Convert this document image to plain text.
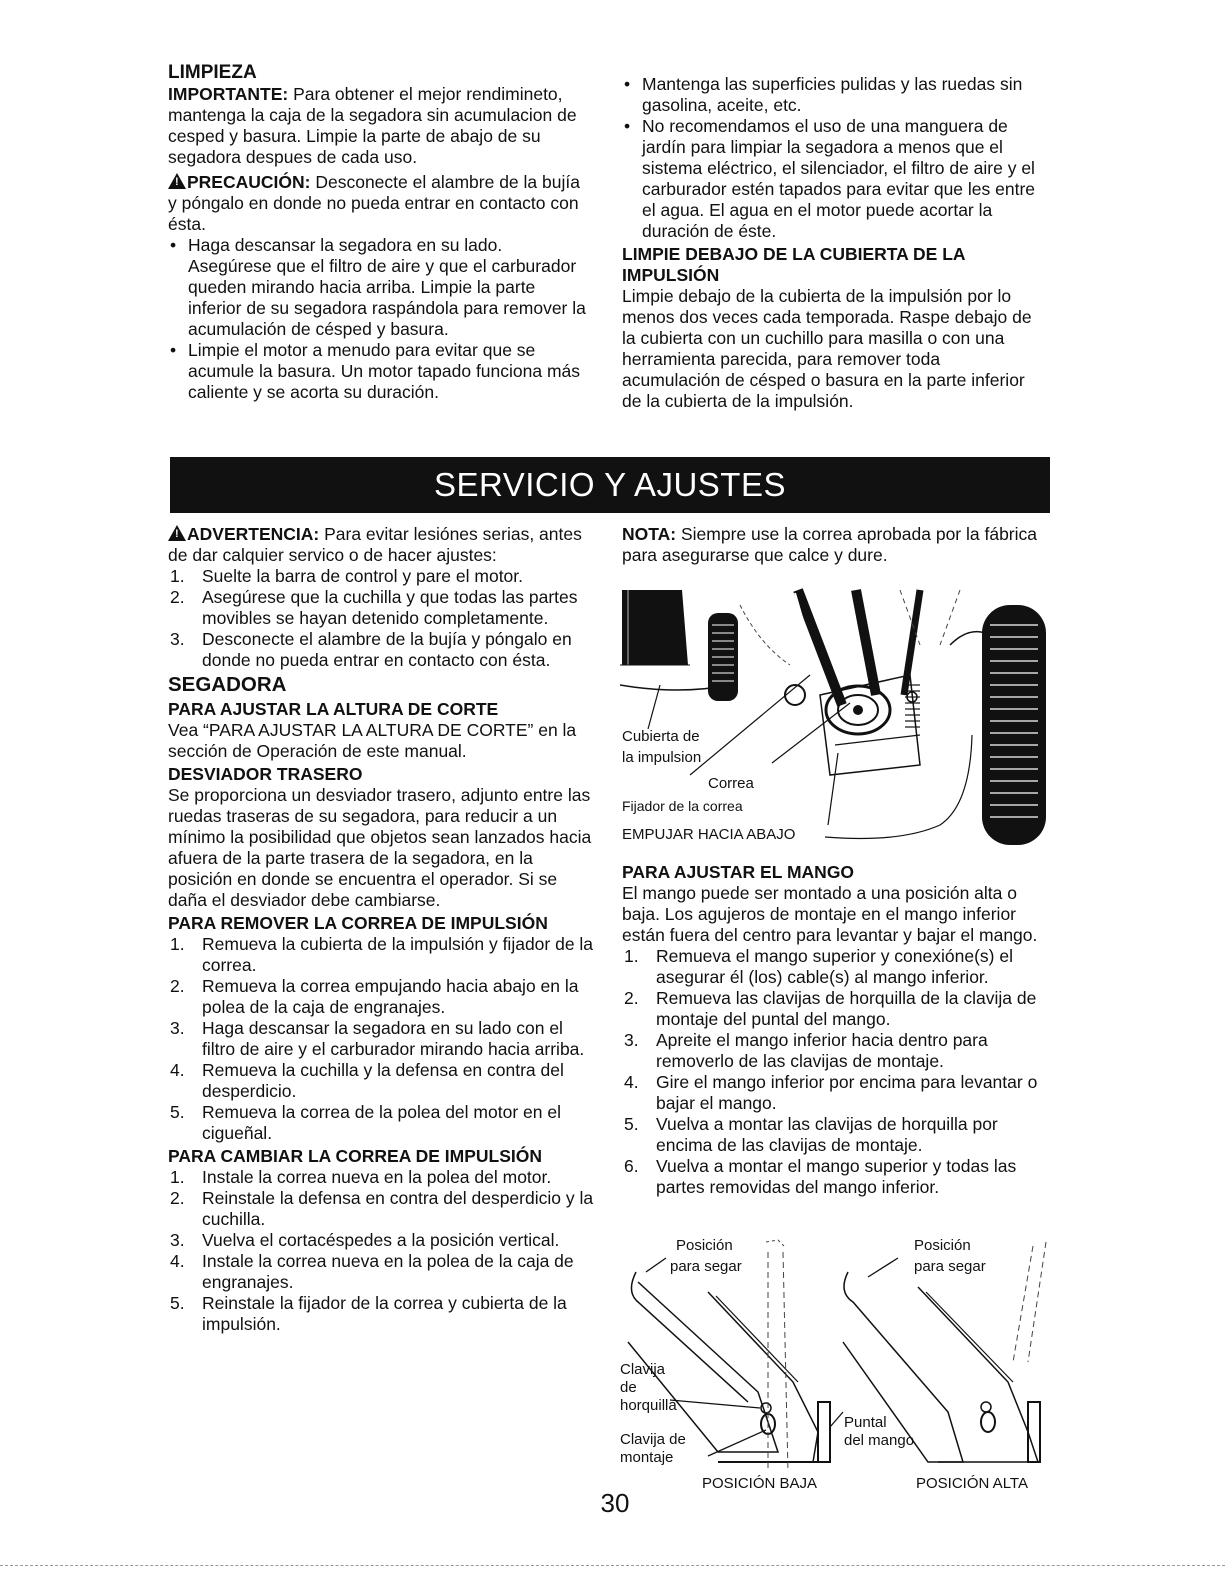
LIMPIEZA

IMPORTANTE: Para obtener el mejor rendimineto, mantenga la caja de la segadora sin acumulacion de cesped y basura. Limpie la parte de abajo de su segadora despues de cada uso.

!PRECAUCIÓN: Desconecte el alambre de la bujía y póngalo en donde no pueda entrar en contacto con ésta.

• Haga descansar la segadora en su lado. Asegúrese que el filtro de aire y que el carburador queden mirando hacia arriba. Limpie la parte inferior de su segadora raspándola para remover la acumulación de césped y basura.
• Limpie el motor a menudo para evitar que se acumule la basura. Un motor tapado funciona más caliente y se acorta su duración.
• Mantenga las superficies pulidas y las ruedas sin gasolina, aceite, etc.
• No recomendamos el uso de una manguera de jardín para limpiar la segadora a menos que el sistema eléctrico, el silenciador, el filtro de aire y el carburador estén tapados para evitar que les entre el agua. El agua en el motor puede acortar la duración de éste.
LIMPIE DEBAJO DE LA CUBIERTA DE LA IMPULSIÓN

Limpie debajo de la cubierta de la impulsión por lo menos dos veces cada temporada. Raspe debajo de la cubierta con un cuchillo para masilla o con una herramienta parecida, para remover toda acumulación de césped o basura en la parte inferior de la cubierta de la impulsión.

SERVICIO Y AJUSTES

!ADVERTENCIA: Para evitar lesiónes serias, antes de dar calquier servico o de hacer ajustes:

1. Suelte la barra de control y pare el motor.
2. Asegúrese que la cuchilla y que todas las partes movibles se hayan detenido completamente.
3. Desconecte el alambre de la bujía y póngalo en donde no pueda entrar en contacto con ésta.
SEGADORA
PARA AJUSTAR LA ALTURA DE CORTE

Vea “PARA AJUSTAR LA ALTURA DE CORTE” en la sección de Operación de este manual.

DESVIADOR TRASERO

Se proporciona un desviador trasero, adjunto entre las ruedas traseras de su segadora, para reducir a un mínimo la posibilidad que objetos sean lanzados hacia afuera de la parte trasera de la segadora, en la posición en donde se encuentra el operador. Si se daña el desviador debe cambiarse.

PARA REMOVER LA CORREA DE IMPULSIÓN
1. Remueva la cubierta de la impulsión y fijador de la correa.
2. Remueva la correa empujando hacia abajo en la polea de la caja de engranajes.
3. Haga descansar la segadora en su lado con el filtro de aire y el carburador mirando hacia arriba.
4. Remueva la cuchilla y la defensa en contra del desperdicio.
5. Remueva la correa de la polea del motor en el cigueñal.
PARA CAMBIAR LA CORREA DE IMPULSIÓN
1. Instale la correa nueva en la polea del motor.
2. Reinstale la defensa en contra del desperdicio y la cuchilla.
3. Vuelva el cortacéspedes a la posición vertical.
4. Instale la correa nueva en la polea de la caja de engranajes.
5. Reinstale la fijador de la correa y cubierta de la impulsión.

NOTA: Siempre use la correa aprobada por la fábrica para asegurarse que calce y dure.

Cubierta de
la impulsion
Correa
Fijador de la correa
EMPUJAR HACIA ABAJO
PARA AJUSTAR EL MANGO

El mango puede ser montado a una posición alta o baja. Los agujeros de montaje en el mango inferior están fuera del centro para levantar y bajar el mango.

1. Remueva el mango superior y conexióne(s) el asegurar él (los) cable(s) al mango inferior.
2. Remueva las clavijas de horquilla de la clavija de montaje del puntal del mango.
3. Apreite el mango inferior hacia dentro para removerlo de las clavijas de montaje.
4. Gire el mango inferior por encima para levantar o bajar el mango.
5. Vuelva a montar las clavijas de horquilla por encima de las clavijas de montaje.
6. Vuelva a montar el mango superior y todas las partes removidas del mango inferior.
Posición
para segar
Posición
para segar
Clavija
de
horquilla
Clavija de
montaje
Puntal
del mango
POSICIÓN BAJA	POSICIÓN ALTA
30
